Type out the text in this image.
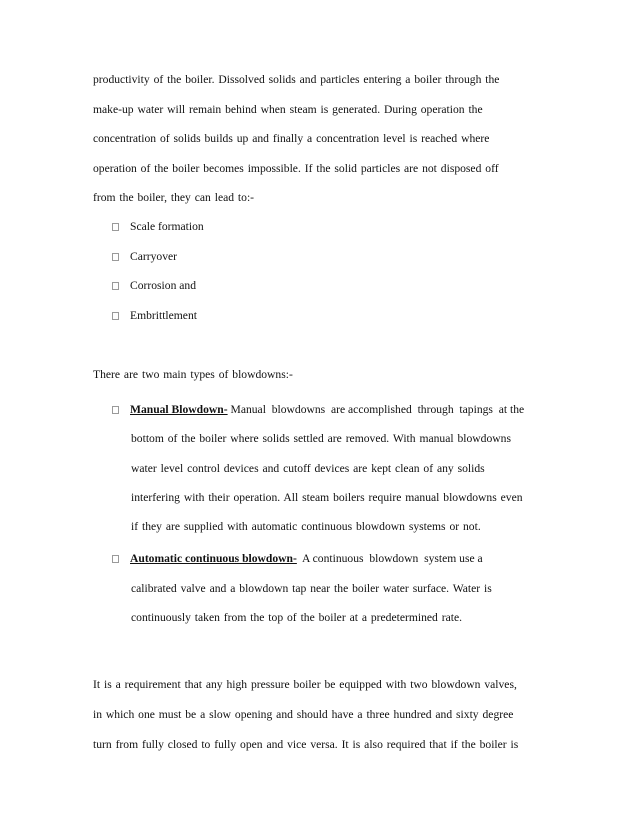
productivity of the boiler. Dissolved solids and particles entering a boiler through the
make-up water will remain behind when steam is generated. During operation the
concentration of solids builds up and finally a concentration level is reached where
operation of the boiler becomes impossible. If the solid particles are not disposed off
from the boiler, they can lead to:-
Scale formation
Carryover
Corrosion and
Embrittlement
There are two main types of blowdowns:-
Manual Blowdown- Manual  blowdowns  are accomplished  through  tapings  at the
bottom of the boiler where solids settled are removed. With manual blowdowns
water level control devices and cutoff devices are kept clean of any solids
interfering with their operation. All steam boilers require manual blowdowns even
if they are supplied with automatic continuous blowdown systems or not.
Automatic continuous blowdown- A continuous  blowdown  system use a
calibrated valve and a blowdown tap near the boiler water surface. Water is
continuously taken from the top of the boiler at a predetermined rate.
It is a requirement that any high pressure boiler be equipped with two blowdown valves,
in which one must be a slow opening and should have a three hundred and sixty degree
turn from fully closed to fully open and vice versa. It is also required that if the boiler is
